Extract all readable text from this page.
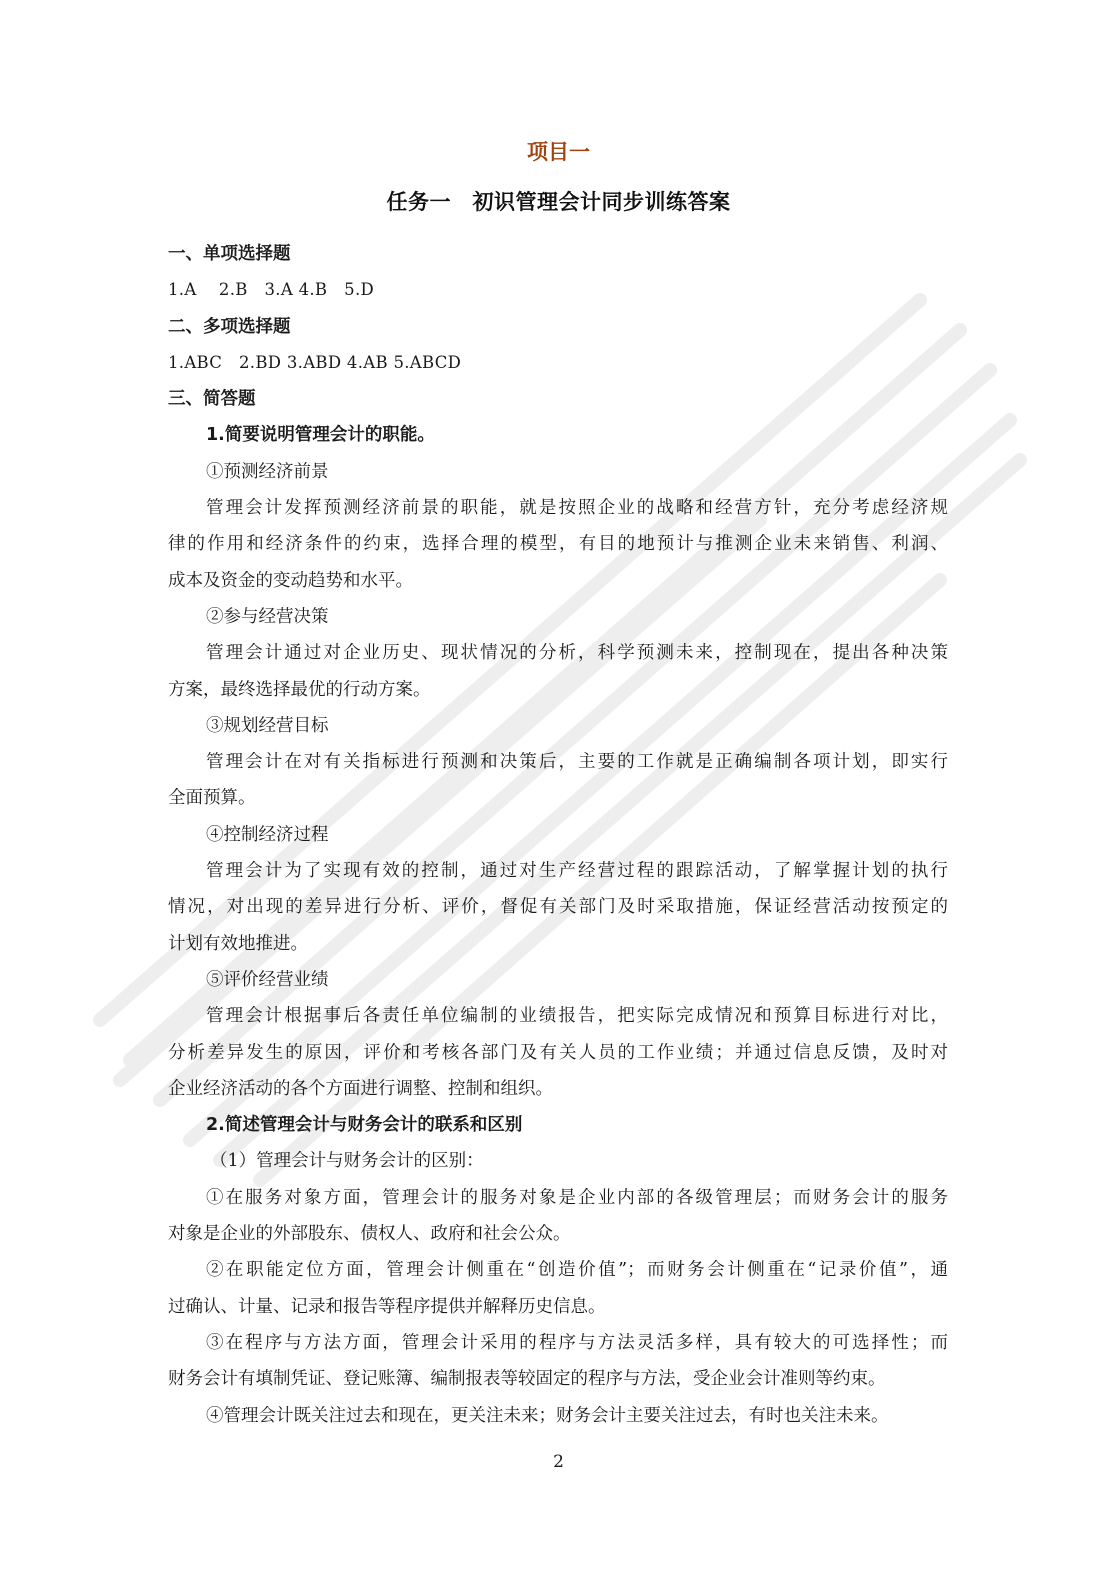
项目一
任务一　初识管理会计同步训练答案
一、单项选择题
1.A　 2.B　3.A 4.B　5.D
二、多项选择题
1.ABC　2.BD 3.ABD 4.AB 5.ABCD
三、简答题
1.简要说明管理会计的职能。
①预测经济前景
管理会计发挥预测经济前景的职能，就是按照企业的战略和经营方针，充分考虑经济规
律的作用和经济条件的约束，选择合理的模型，有目的地预计与推测企业未来销售、利润、
成本及资金的变动趋势和水平。
②参与经营决策
管理会计通过对企业历史、现状情况的分析，科学预测未来，控制现在，提出各种决策
方案，最终选择最优的行动方案。
③规划经营目标
管理会计在对有关指标进行预测和决策后，主要的工作就是正确编制各项计划，即实行
全面预算。
④控制经济过程
管理会计为了实现有效的控制，通过对生产经营过程的跟踪活动，了解掌握计划的执行
情况，对出现的差异进行分析、评价，督促有关部门及时采取措施，保证经营活动按预定的
计划有效地推进。
⑤评价经营业绩
管理会计根据事后各责任单位编制的业绩报告，把实际完成情况和预算目标进行对比，
分析差异发生的原因，评价和考核各部门及有关人员的工作业绩；并通过信息反馈，及时对
企业经济活动的各个方面进行调整、控制和组织。
2.简述管理会计与财务会计的联系和区别
（1）管理会计与财务会计的区别：
①在服务对象方面，管理会计的服务对象是企业内部的各级管理层；而财务会计的服务
对象是企业的外部股东、债权人、政府和社会公众。
②在职能定位方面，管理会计侧重在“创造价值”；而财务会计侧重在“记录价值”，通
过确认、计量、记录和报告等程序提供并解释历史信息。
③在程序与方法方面，管理会计采用的程序与方法灵活多样，具有较大的可选择性；而
财务会计有填制凭证、登记账簿、编制报表等较固定的程序与方法，受企业会计准则等约束。
④管理会计既关注过去和现在，更关注未来；财务会计主要关注过去，有时也关注未来。
2
